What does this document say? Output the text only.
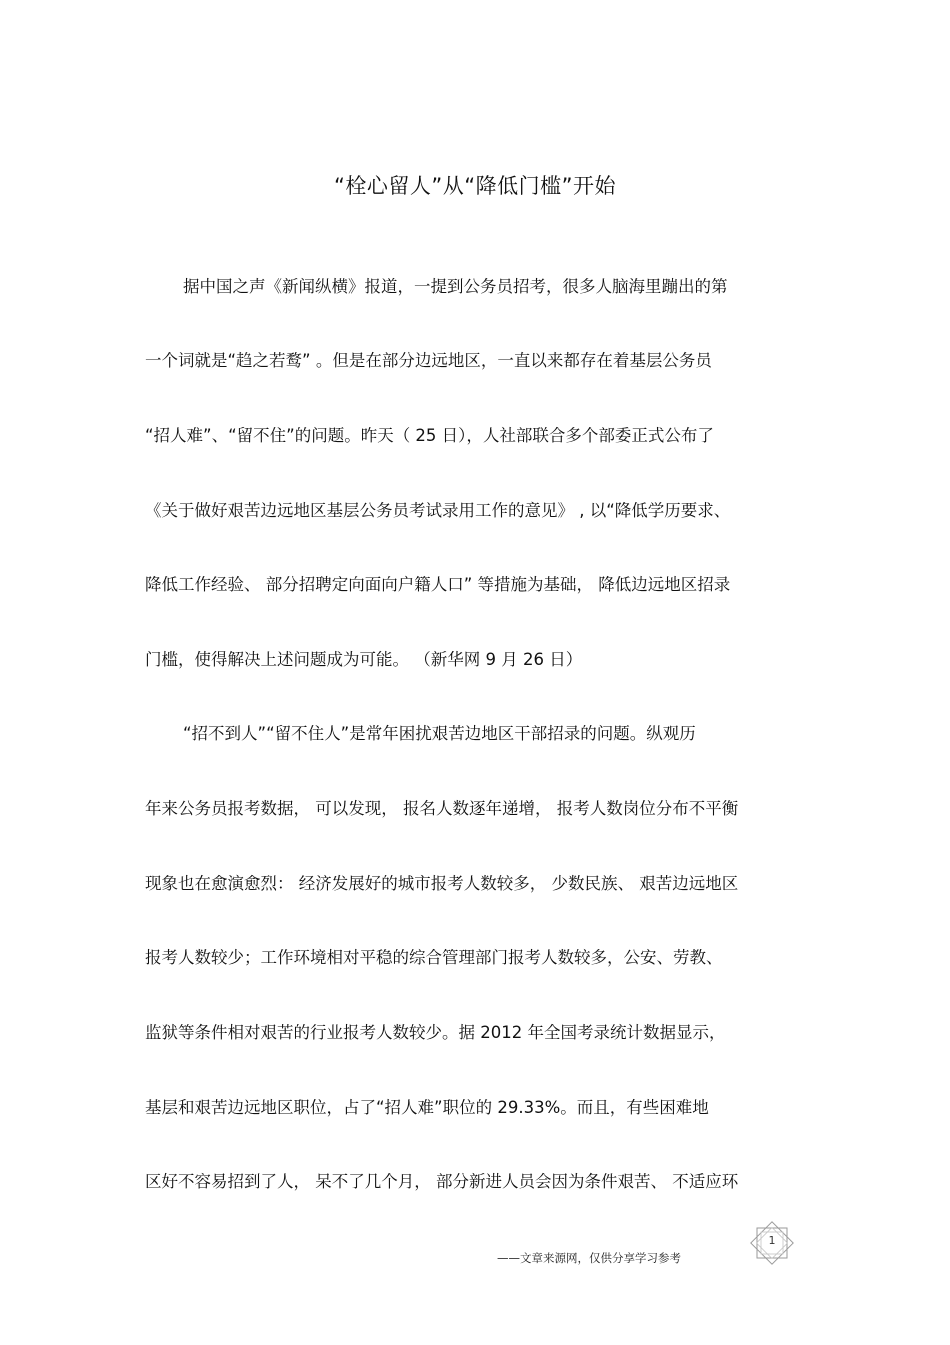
“栓心留人”从“降低门槛”开始
据中国之声《新闻纵横》报道，一提到公务员招考，很多人脑海里蹦出的第
一个词就是“趋之若鹜” 。但是在部分边远地区，一直以来都存在着基层公务员
“招人难”、“留不住”的问题。昨天（ 25 日），人社部联合多个部委正式公布了
《关于做好艰苦边远地区基层公务员考试录用工作的意见》 , 以“降低学历要求、
降低工作经验、 部分招聘定向面向户籍人口” 等措施为基础， 降低边远地区招录
门槛，使得解决上述问题成为可能。 （新华网 9 月 26 日）
“招不到人”“留不住人”是常年困扰艰苦边地区干部招录的问题。纵观历
年来公务员报考数据， 可以发现， 报名人数逐年递增， 报考人数岗位分布不平衡
现象也在愈演愈烈： 经济发展好的城市报考人数较多， 少数民族、 艰苦边远地区
报考人数较少；工作环境相对平稳的综合管理部门报考人数较多，公安、劳教、
监狱等条件相对艰苦的行业报考人数较少。据 2012 年全国考录统计数据显示，
基层和艰苦边远地区职位，占了“招人难”职位的 29.33%。而且，有些困难地
区好不容易招到了人， 呆不了几个月， 部分新进人员会因为条件艰苦、 不适应环
——文章来源网，仅供分享学习参考
1
